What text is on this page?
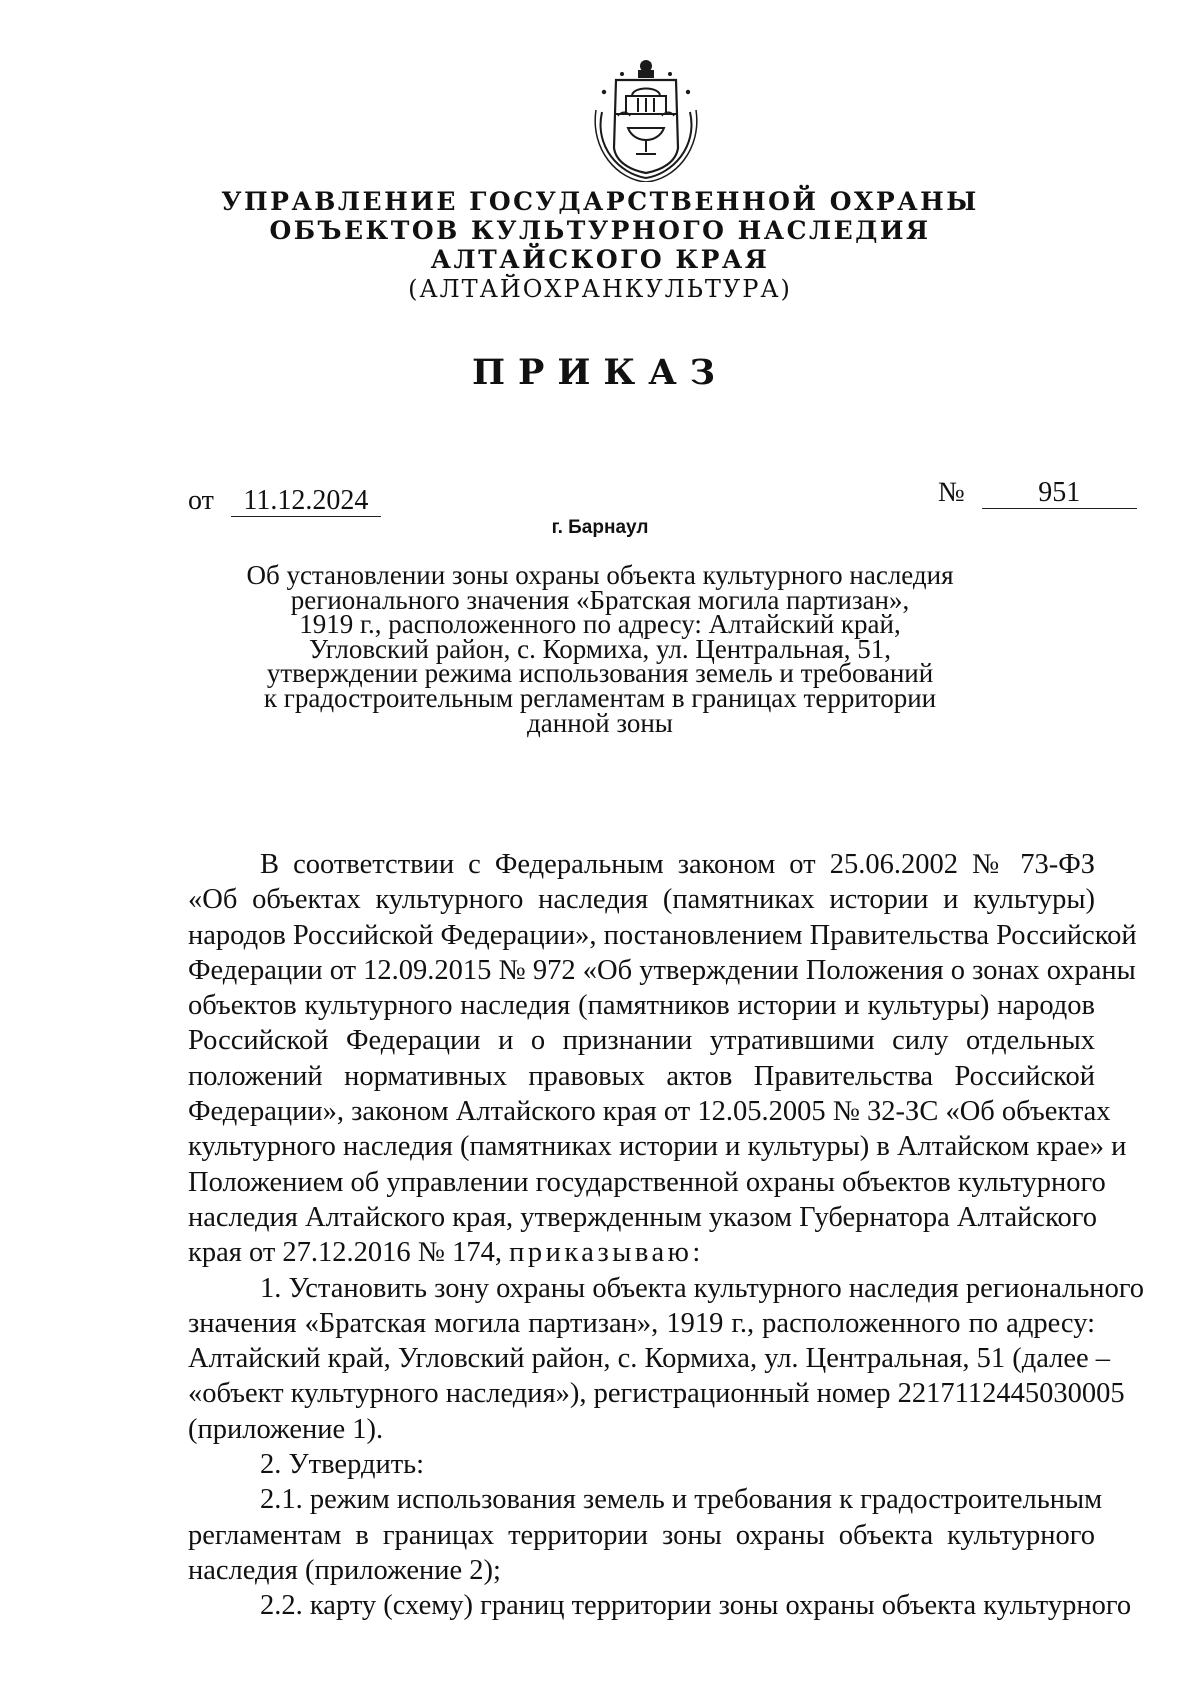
УПРАВЛЕНИЕ ГОСУДАРСТВЕННОЙ ОХРАНЫ
ОБЪЕКТОВ КУЛЬТУРНОГО НАСЛЕДИЯ
АЛТАЙСКОГО КРАЯ
(АЛТАЙОХРАНКУЛЬТУРА)
ПРИКАЗ
от 11.12.2024	№	951
г. Барнаул
Об установлении зоны охраны объекта культурного наследия
регионального значения «Братская могила партизан»,
1919 г., расположенного по адресу: Алтайский край,
Угловский район, с. Кормиха, ул. Центральная, 51,
утверждении режима использования земель и требований
к градостроительным регламентам в границах территории
данной зоны
В соответствии с Федеральным законом от 25.06.2002 № 73-ФЗ
«Об объектах культурного наследия (памятниках истории и культуры)
народов Российской Федерации», постановлением Правительства Российской
Федерации от 12.09.2015 № 972 «Об утверждении Положения о зонах охраны
объектов культурного наследия (памятников истории и культуры) народов
Российской Федерации и о признании утратившими силу отдельных
положений нормативных правовых актов Правительства Российской
Федерации», законом Алтайского края от 12.05.2005 № 32-ЗС «Об объектах
культурного наследия (памятниках истории и культуры) в Алтайском крае» и
Положением об управлении государственной охраны объектов культурного
наследия Алтайского края, утвержденным указом Губернатора Алтайского
края от 27.12.2016 № 174, приказываю:
1. Установить зону охраны объекта культурного наследия регионального
значения «Братская могила партизан», 1919 г., расположенного по адресу:
Алтайский край, Угловский район, с. Кормиха, ул. Центральная, 51 (далее –
«объект культурного наследия»), регистрационный номер 2217112445030005
(приложение 1).
2. Утвердить:
2.1. режим использования земель и требования к градостроительным
регламентам в границах территории зоны охраны объекта культурного
наследия (приложение 2);
2.2. карту (схему) границ территории зоны охраны объекта культурного
